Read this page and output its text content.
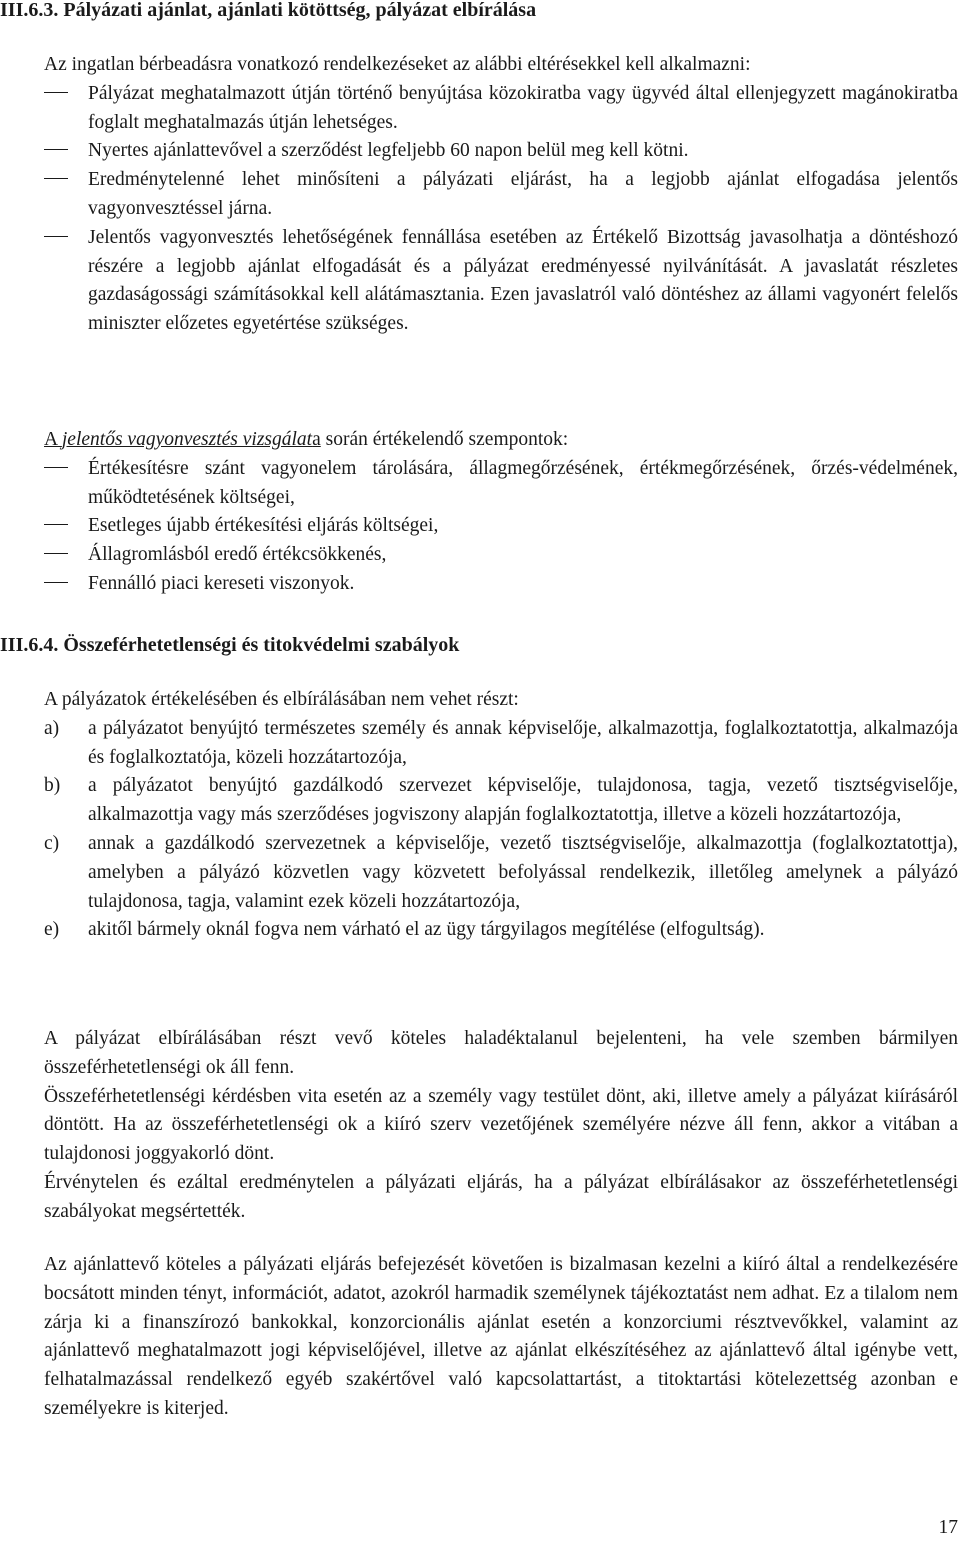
III.6.3. Pályázati ajánlat, ajánlati kötöttség, pályázat elbírálása

Az ingatlan bérbeadásra vonatkozó rendelkezéseket az alábbi eltérésekkel kell alkalmazni:

Pályázat meghatalmazott útján történő benyújtása közokiratba vagy ügyvéd által ellenjegyzett magánokiratba foglalt meghatalmazás útján lehetséges.
Nyertes ajánlattevővel a szerződést legfeljebb 60 napon belül meg kell kötni.
Eredménytelenné lehet minősíteni a pályázati eljárást, ha a legjobb ajánlat elfogadása jelentős vagyonvesztéssel járna.
Jelentős vagyonvesztés lehetőségének fennállása esetében az Értékelő Bizottság javasolhatja a döntéshozó részére a legjobb ajánlat elfogadását és a pályázat eredményessé nyilvánítását. A javaslatát részletes gazdaságossági számításokkal kell alátámasztania. Ezen javaslatról való döntéshez az állami vagyonért felelős miniszter előzetes egyetértése szükséges.

A jelentős vagyonvesztés vizsgálata során értékelendő szempontok:

Értékesítésre szánt vagyonelem tárolására, állagmegőrzésének, értékmegőrzésének, őrzés-védelmének, működtetésének költségei,
Esetleges újabb értékesítési eljárás költségei,
Állagromlásból eredő értékcsökkenés,
Fennálló piaci kereseti viszonyok.
III.6.4. Összeférhetetlenségi és titokvédelmi szabályok

A pályázatok értékelésében és elbírálásában nem vehet részt:

a)	a pályázatot benyújtó természetes személy és annak képviselője, alkalmazottja, foglalkoztatottja, alkalmazója és foglalkoztatója, közeli hozzátartozója,
b)	a pályázatot benyújtó gazdálkodó szervezet képviselője, tulajdonosa, tagja, vezető tisztségviselője, alkalmazottja vagy más szerződéses jogviszony alapján foglalkoztatottja, illetve a közeli hozzátartozója,
c)	annak a gazdálkodó szervezetnek a képviselője, vezető tisztségviselője, alkalmazottja (foglalkoztatottja), amelyben a pályázó közvetlen vagy közvetett befolyással rendelkezik, illetőleg amelynek a pályázó tulajdonosa, tagja, valamint ezek közeli hozzátartozója,
e)	akitől bármely oknál fogva nem várható el az ügy tárgyilagos megítélése (elfogultság).

A pályázat elbírálásában részt vevő köteles haladéktalanul bejelenteni, ha vele szemben bármilyen összeférhetetlenségi ok áll fenn.

Összeférhetetlenségi kérdésben vita esetén az a személy vagy testület dönt, aki, illetve amely a pályázat kiírásáról döntött. Ha az összeférhetetlenségi ok a kiíró szerv vezetőjének személyére nézve áll fenn, akkor a vitában a tulajdonosi joggyakorló dönt.

Érvénytelen és ezáltal eredménytelen a pályázati eljárás, ha a pályázat elbírálásakor az összeférhetetlenségi szabályokat megsértették.

Az ajánlattevő köteles a pályázati eljárás befejezését követően is bizalmasan kezelni a kiíró által a rendelkezésére bocsátott minden tényt, információt, adatot, azokról harmadik személynek tájékoztatást nem adhat. Ez a tilalom nem zárja ki a finanszírozó bankokkal, konzorcionális ajánlat esetén a konzorciumi résztvevőkkel, valamint az ajánlattevő meghatalmazott jogi képviselőjével, illetve az ajánlat elkészítéséhez az ajánlattevő által igénybe vett, felhatalmazással rendelkező egyéb szakértővel való kapcsolattartást, a titoktartási kötelezettség azonban e személyekre is kiterjed.

17
